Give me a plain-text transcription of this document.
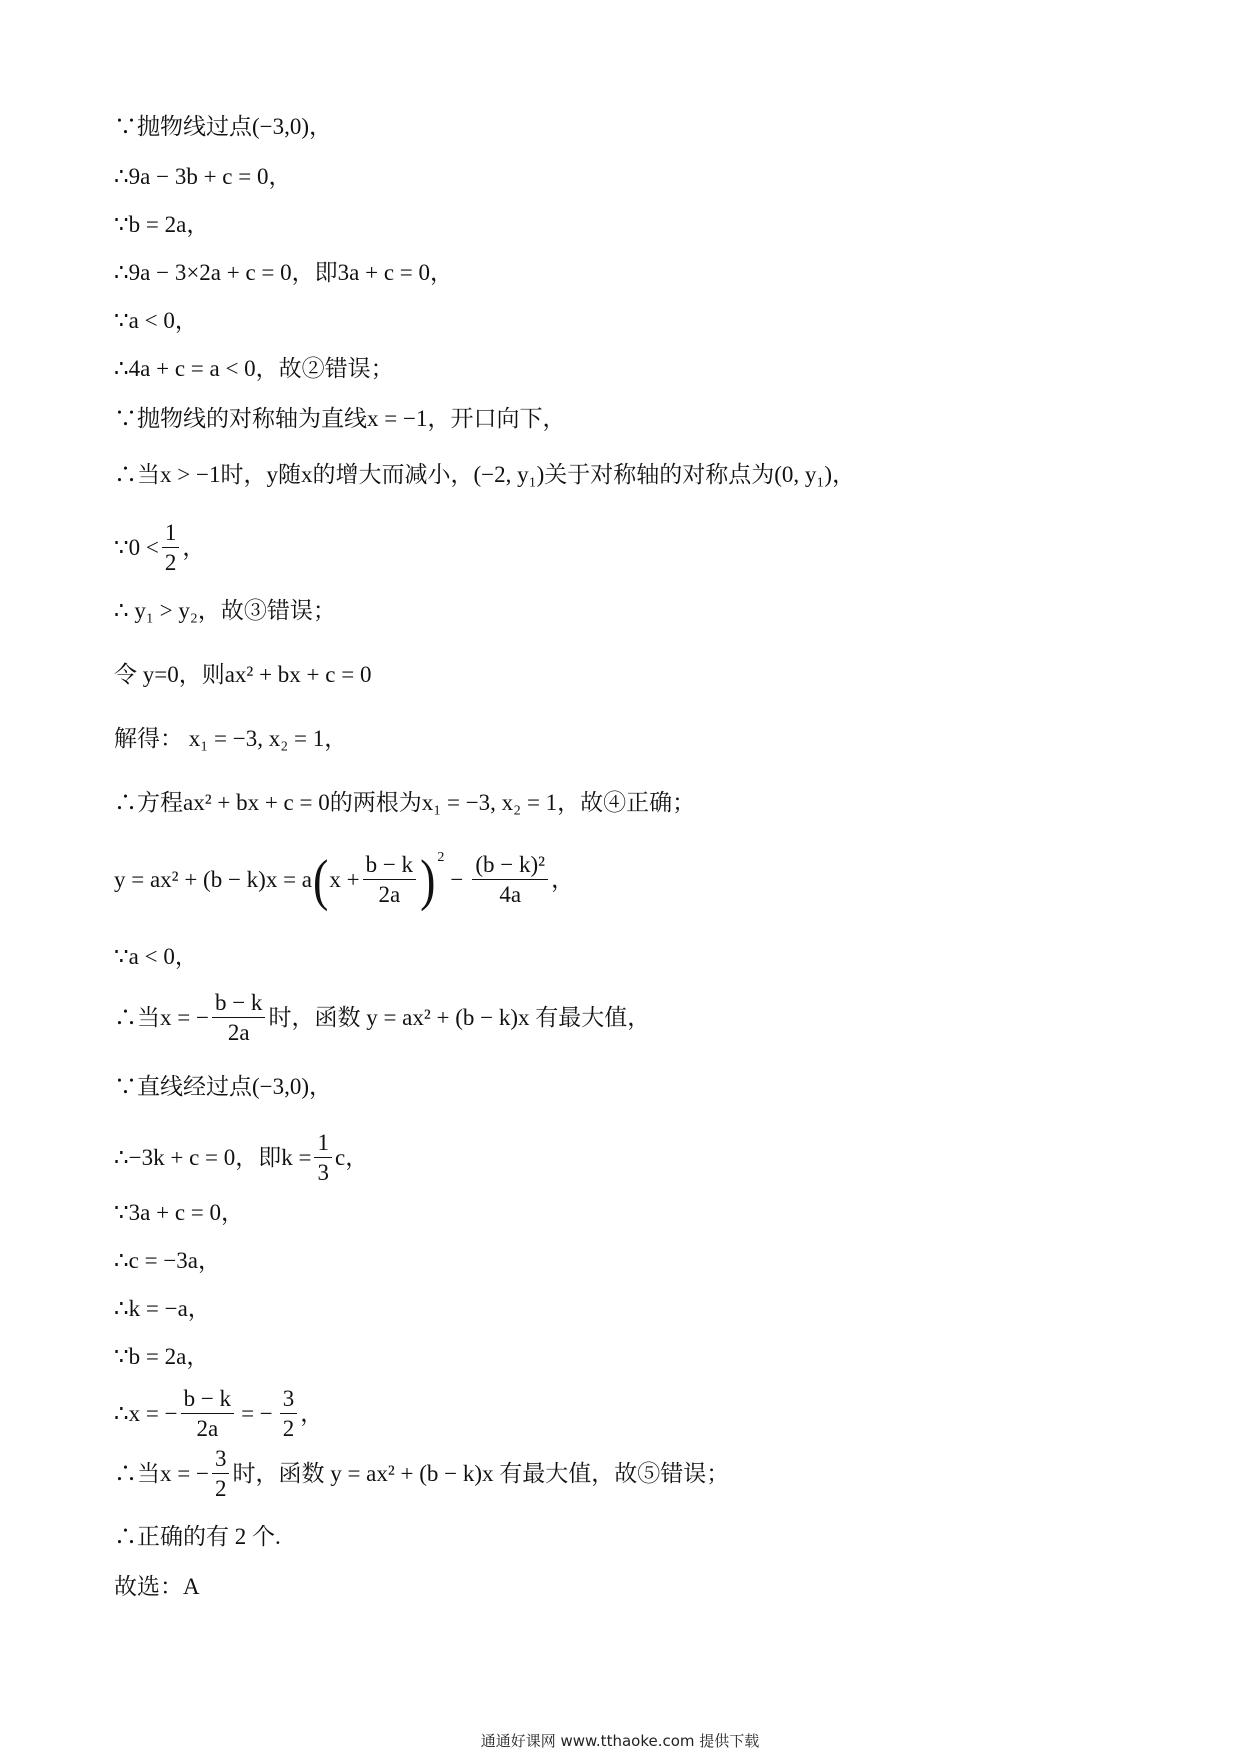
∵抛物线过点(−3,0)，
∴9a − 3b + c = 0，
∵b = 2a，
∴9a − 3×2a + c = 0，即3a + c = 0，
∵a < 0，
∴4a + c = a < 0，故②错误；
∵抛物线的对称轴为直线x = −1，开口向下，
∴当x > −1时，y随x的增大而减小，(−2, y₁)关于对称轴的对称点为(0, y₁)，
∵0 < $\frac{1}{2}$ ，
∴ y₁ > y₂，故③错误；
令 y=0，则ax² + bx + c = 0
解得： x₁ = −3, x₂ = 1，
∴方程ax² + bx + c = 0的两根为x₁ = −3, x₂ = 1，故④正确；
y = ax² + (b − k)x = a ( $x + \frac{b - k}{2a}$ ) 2
− $\frac{\text{(b − k)²}}{4a}$ ，
∵a < 0，
∴当x = − $\frac{b - k}{2a}$ 时，函数 y = ax² + (b − k)x 有最大值，
∵直线经过点(−3,0)，
∴−3k + c = 0，即$k = \frac{1}{3}$ c，
∵3a + c = 0，
∴c = −3a，
∴k = −a，
∵b = 2a，
∴x = − $\frac{b - k}{2a}$ = − $\frac{3}{2}$ ，
∴当x = − $\frac{3}{2}$ 时，函数 y = ax² + (b − k)x 有最大值，故⑤错误；
∴正确的有 2 个.
故选：A
通通好课网 www.tthaoke.com 提供下载
